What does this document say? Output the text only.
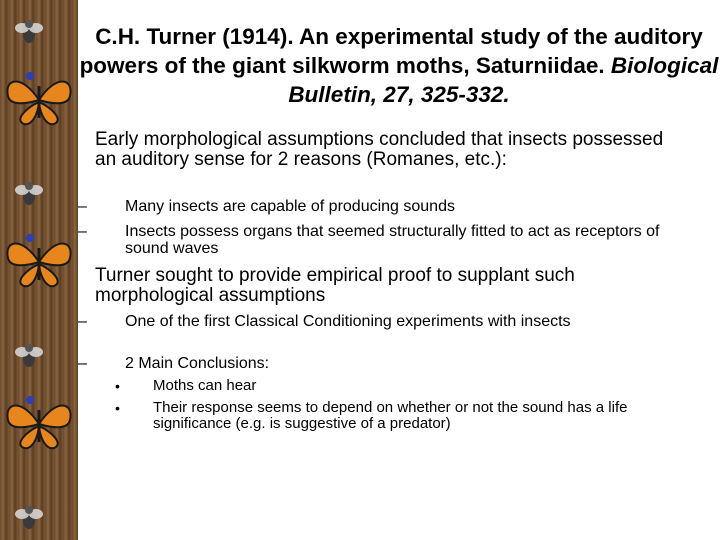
C.H. Turner (1914). An experimental study of the auditory powers of the giant silkworm moths, Saturniidae. Biological Bulletin, 27, 325-332.
Early morphological assumptions concluded that insects possessed an auditory sense for 2 reasons (Romanes, etc.):
– Many insects are capable of producing sounds
– Insects possess organs that seemed structurally fitted to act as receptors of sound waves
Turner sought to provide empirical proof to supplant such morphological assumptions
– One of the first Classical Conditioning experiments with insects
– 2 Main Conclusions:
• Moths can hear
• Their response seems to depend on whether or not the sound has a life significance (e.g. is suggestive of a predator)
